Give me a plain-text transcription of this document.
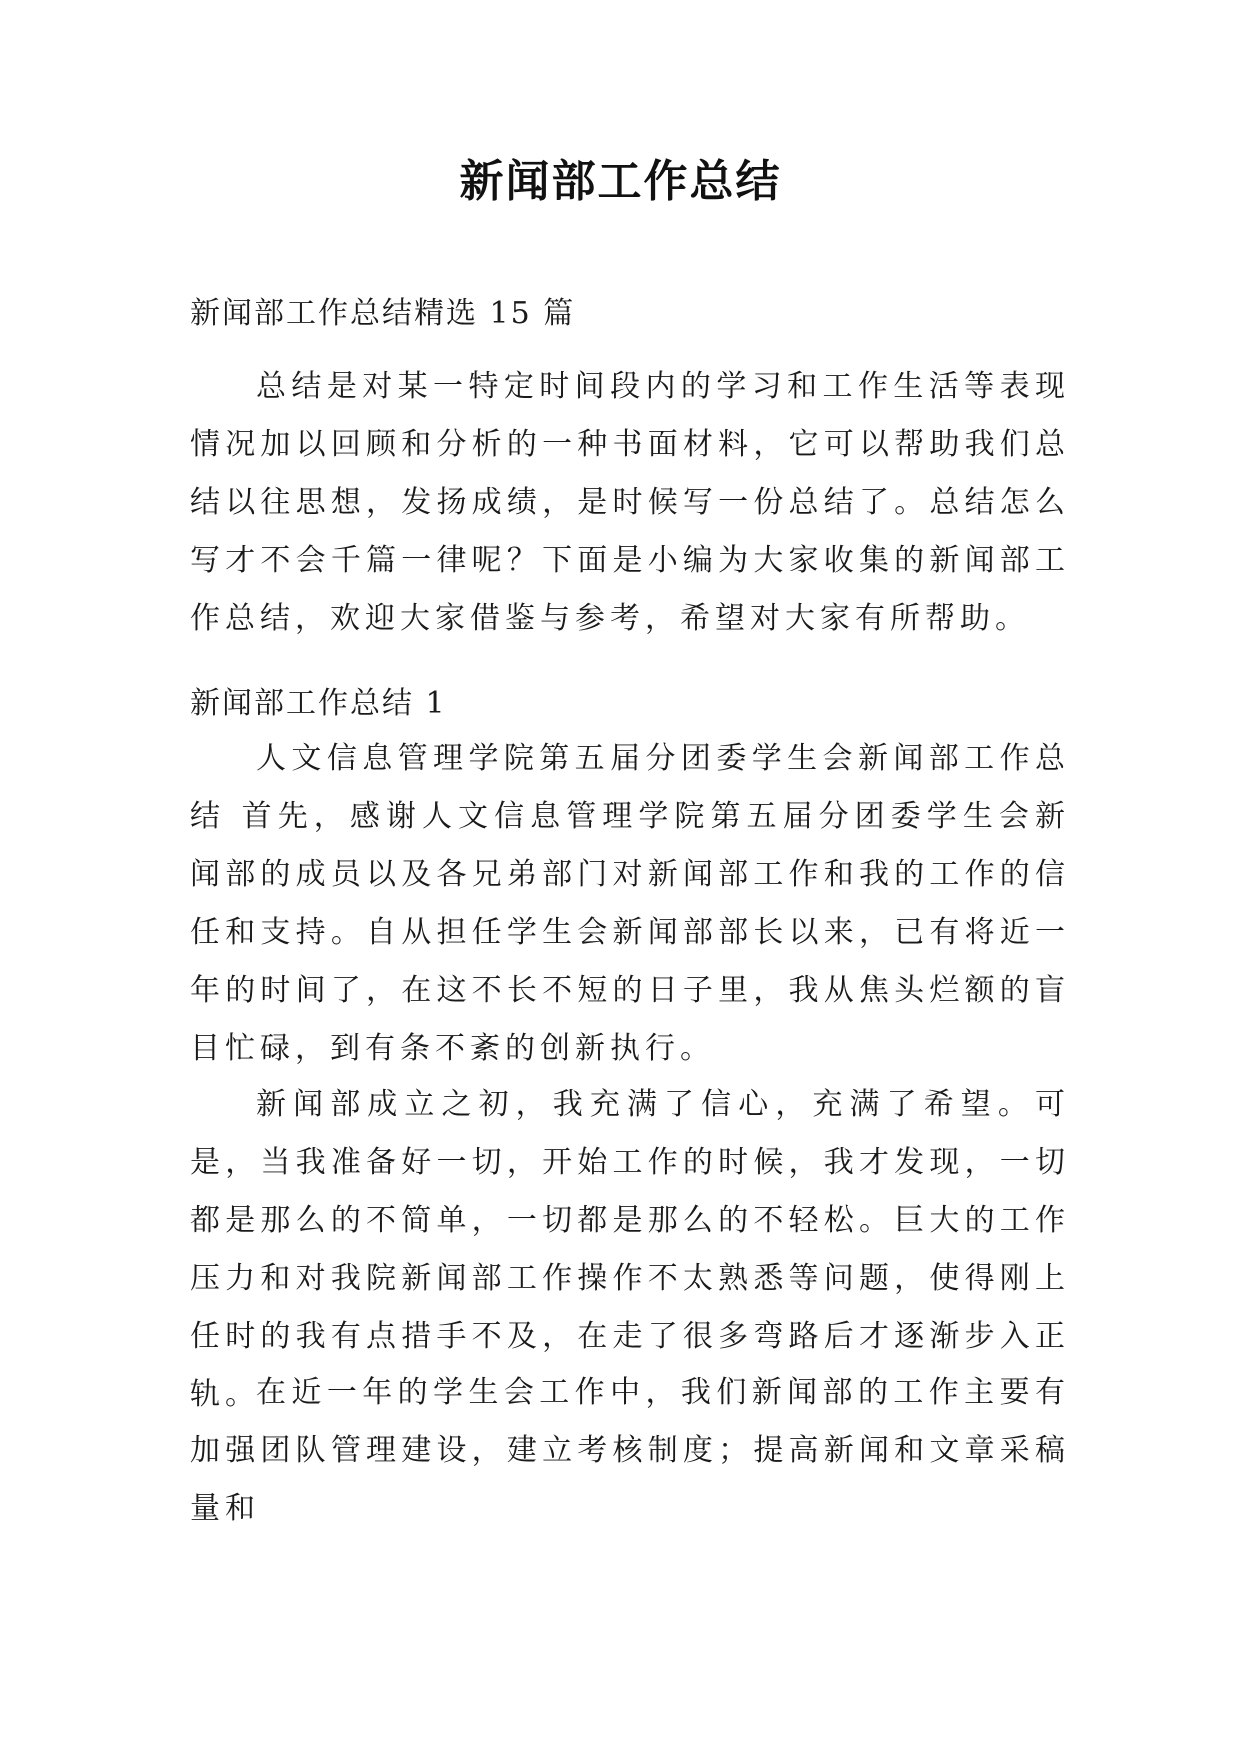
新闻部工作总结
新闻部工作总结精选 15 篇

总结是对某一特定时间段内的学习和工作生活等表现情况加以回顾和分析的一种书面材料，它可以帮助我们总结以往思想，发扬成绩，是时候写一份总结了。总结怎么写才不会千篇一律呢？下面是小编为大家收集的新闻部工作总结，欢迎大家借鉴与参考，希望对大家有所帮助。

新闻部工作总结 1

人文信息管理学院第五届分团委学生会新闻部工作总结 首先，感谢人文信息管理学院第五届分团委学生会新闻部的成员以及各兄弟部门对新闻部工作和我的工作的信任和支持。自从担任学生会新闻部部长以来，已有将近一年的时间了，在这不长不短的日子里，我从焦头烂额的盲目忙碌，到有条不紊的创新执行。

新闻部成立之初，我充满了信心，充满了希望。可是，当我准备好一切，开始工作的时候，我才发现，一切都是那么的不简单，一切都是那么的不轻松。巨大的工作压力和对我院新闻部工作操作不太熟悉等问题，使得刚上任时的我有点措手不及，在走了很多弯路后才逐渐步入正轨。

在近一年的学生会工作中，我们新闻部的工作主要有加强团队管理建设，建立考核制度；提高新闻和文章采稿量和
